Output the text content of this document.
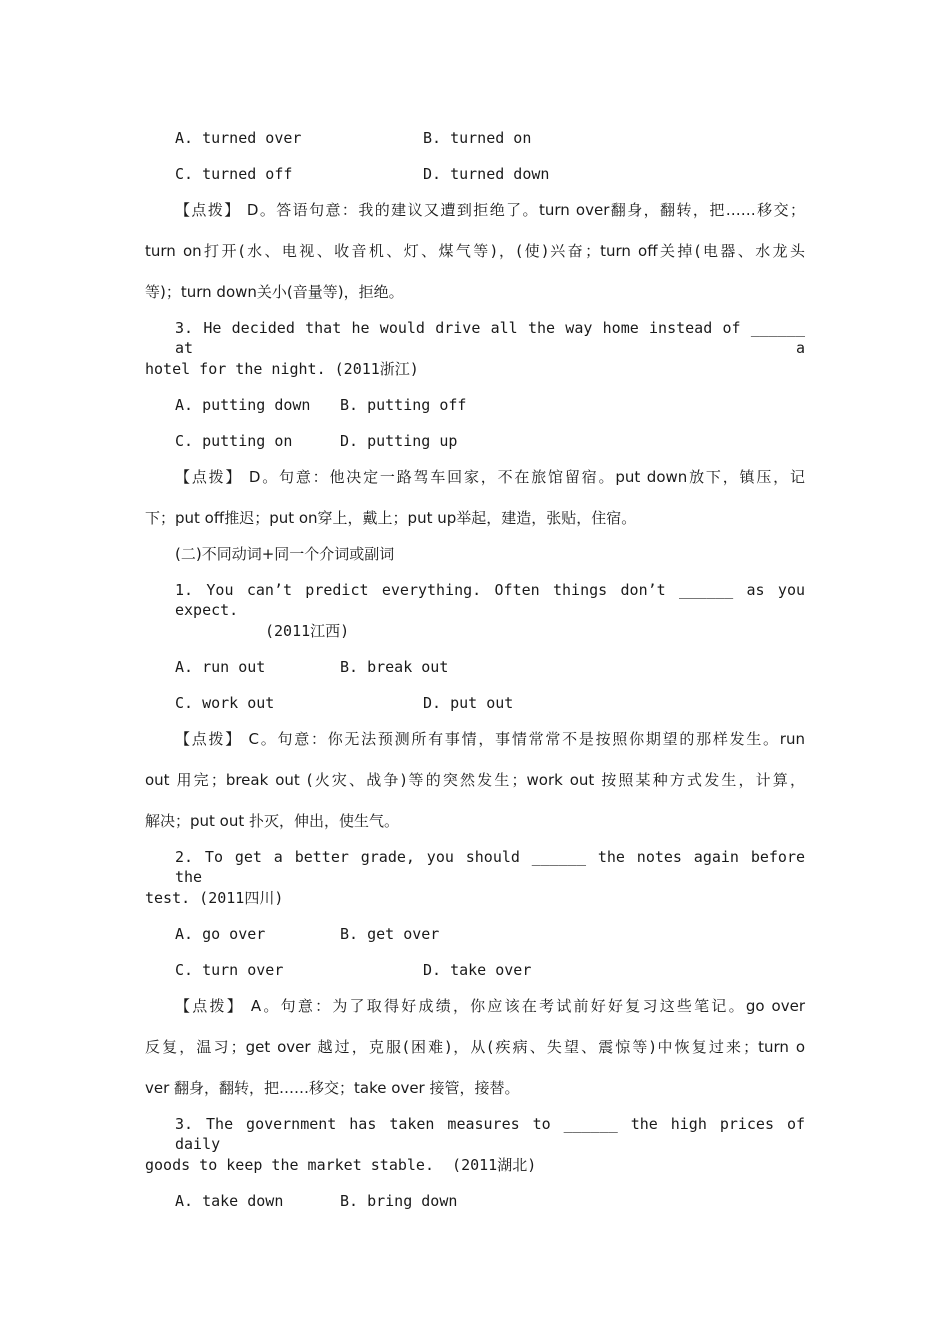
A. turned over	B. turned on
C. turned off	D. turned down
【点拨】 D。答语句意：我的建议又遭到拒绝了。turn over翻身，翻转，把……移交；
turn on打开(水、电视、收音机、灯、煤气等)，(使)兴奋；turn off关掉(电器、水龙头
等)；turn down关小(音量等)，拒绝。
3. He decided that he would drive all the way home instead of ______ at a
hotel for the night. (2011浙江)
A. putting down B. putting off
C. putting on	D. putting up
【点拨】 D。句意：他决定一路驾车回家，不在旅馆留宿。put down放下，镇压，记
下；put off推迟；put on穿上，戴上；put up举起，建造，张贴，住宿。
(二)不同动词+同一个介词或副词
1. You can’t predict everything. Often things don’t ______ as you expect.
(2011江西)
A. run out	B. break out
C. work out	D. put out
【点拨】 C。句意：你无法预测所有事情，事情常常不是按照你期望的那样发生。run
out 用完；break out (火灾、战争)等的突然发生；work out 按照某种方式发生，计算，
解决；put out 扑灭，伸出，使生气。
2. To get a better grade, you should ______ the notes again before the
test. (2011四川)
A. go over	B. get over
C. turn over	D. take over
【点拨】 A。句意：为了取得好成绩，你应该在考试前好好复习这些笔记。go over
反复，温习；get over 越过，克服(困难)，从(疾病、失望、震惊等)中恢复过来；turn o
ver 翻身，翻转，把……移交；take over 接管，接替。
3. The government has taken measures to ______ the high prices of daily
goods to keep the market stable.  (2011湖北)
A. take down	B. bring down
